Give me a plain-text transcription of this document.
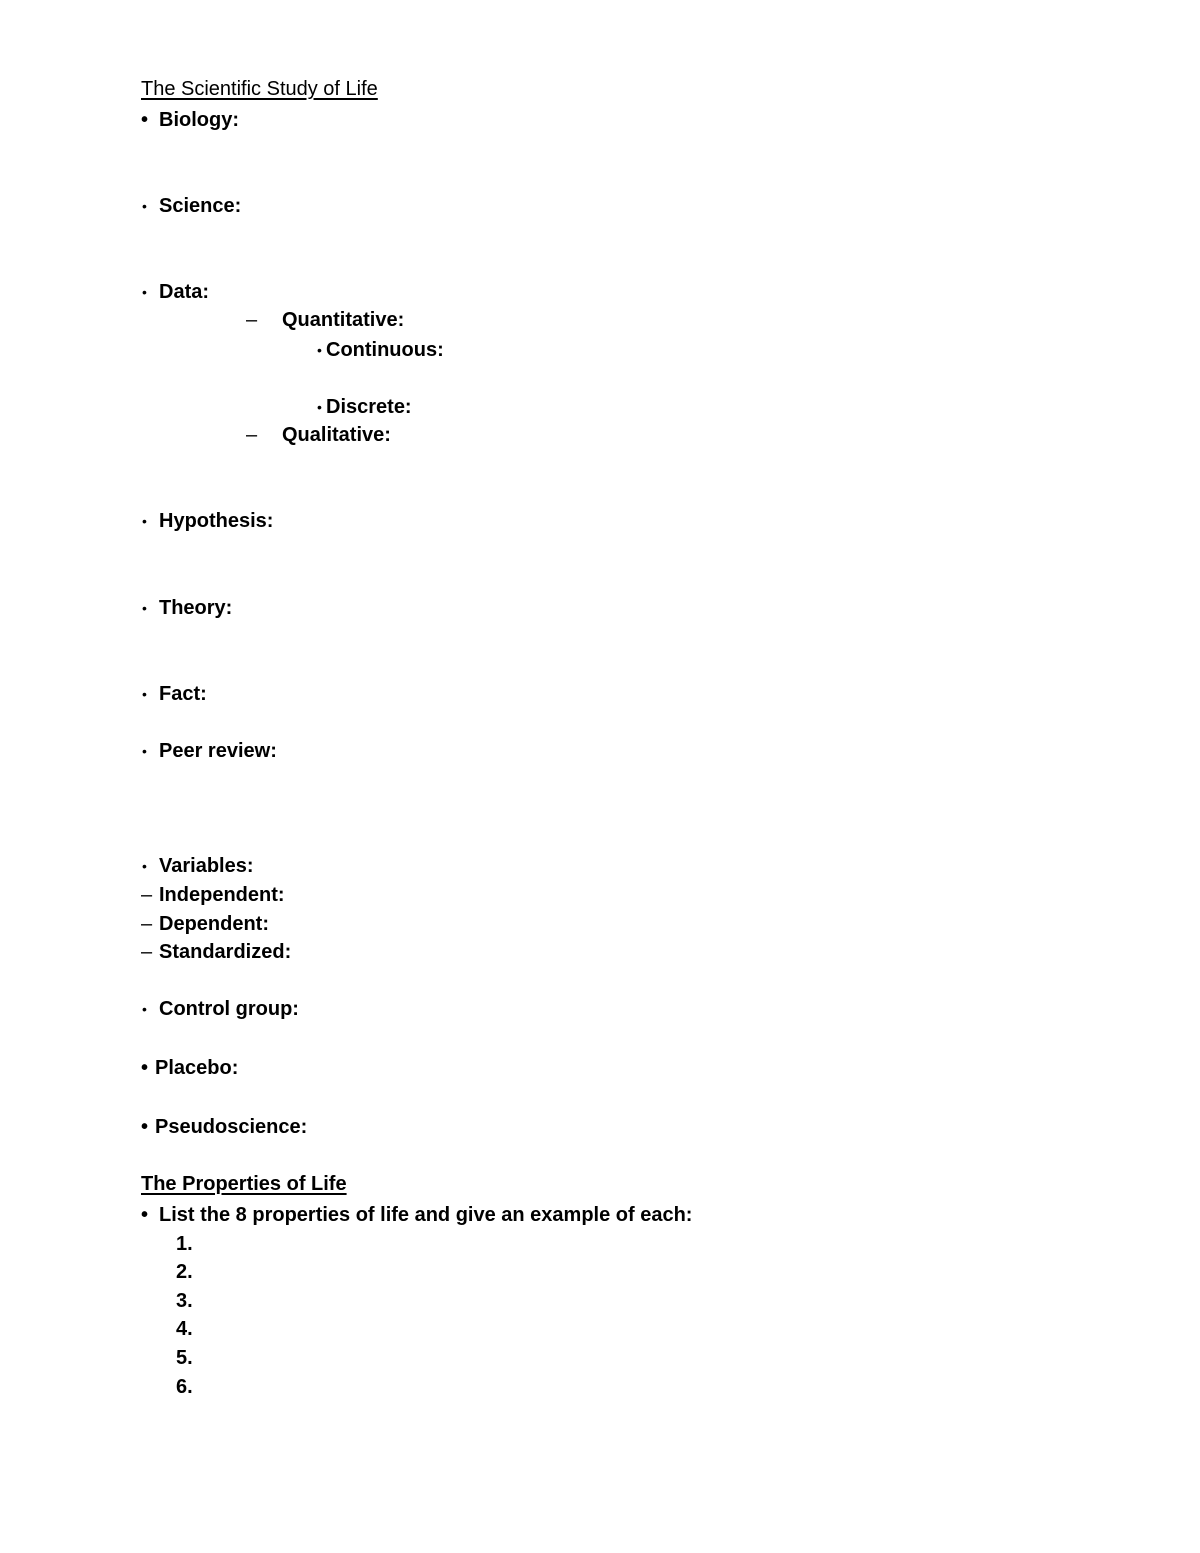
The Scientific Study of Life
• Biology:
• Science:
• Data:
– Quantitative:
• Continuous:
• Discrete:
– Qualitative:
• Hypothesis:
• Theory:
• Fact:
• Peer review:
• Variables:
– Independent:
– Dependent:
– Standardized:
• Control group:
• Placebo:
• Pseudoscience:
The Properties of Life
• List the 8 properties of life and give an example of each:
1.
2.
3.
4.
5.
6.
